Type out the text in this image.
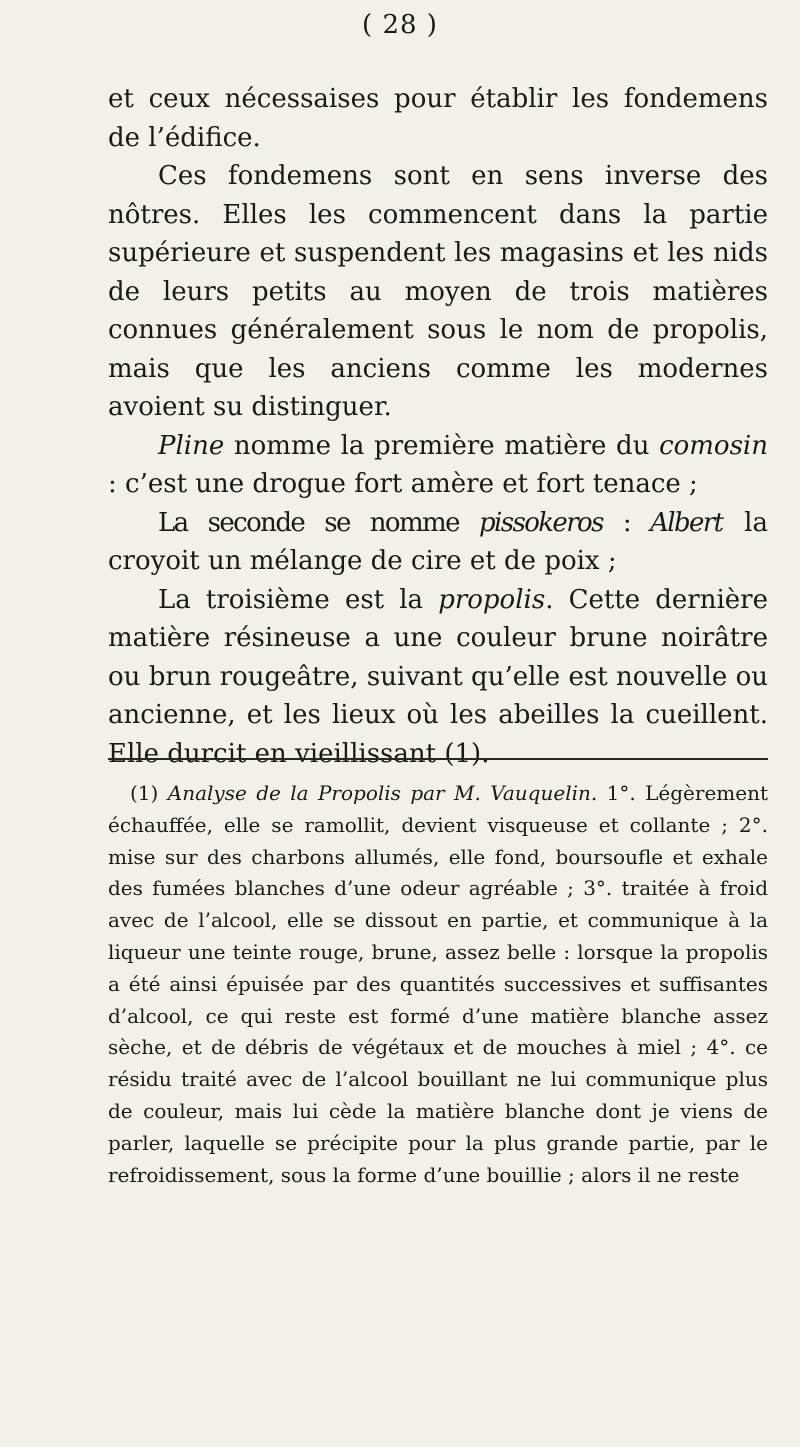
( 28 )

et ceux nécessaises pour établir les fondemens de l’édifice.

Ces fondemens sont en sens inverse des nôtres. Elles les commencent dans la partie supérieure et suspendent les magasins et les nids de leurs petits au moyen de trois matières connues généralement sous le nom de propolis, mais que les anciens comme les modernes avoient su distinguer.

Pline nomme la première matière du comosin : c’est une drogue fort amère et fort tenace ;

La seconde se nomme pissokeros : Albert la croyoit un mélange de cire et de poix ;

La troisième est la propolis. Cette dernière matière résineuse a une couleur brune noirâtre ou brun rougeâtre, suivant qu’elle est nouvelle ou ancienne, et les lieux où les abeilles la cueillent. Elle durcit en vieillissant (1).

(1) Analyse de la Propolis par M. Vauquelin. 1°. Légèrement échauffée, elle se ramollit, devient visqueuse et collante ; 2°. mise sur des charbons allumés, elle fond, boursoufle et exhale des fumées blanches d’une odeur agréable ; 3°. traitée à froid avec de l’alcool, elle se dissout en partie, et communique à la liqueur une teinte rouge, brune, assez belle : lorsque la propolis a été ainsi épuisée par des quantités successives et suffisantes d’alcool, ce qui reste est formé d’une matière blanche assez sèche, et de débris de végétaux et de mouches à miel ; 4°. ce résidu traité avec de l’alcool bouillant ne lui communique plus de couleur, mais lui cède la matière blanche dont je viens de parler, laquelle se précipite pour la plus grande partie, par le refroidissement, sous la forme d’une bouillie ; alors il ne reste
